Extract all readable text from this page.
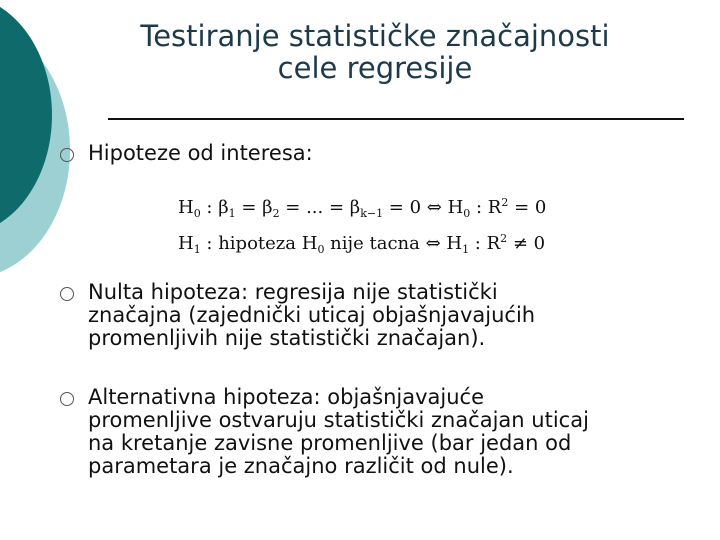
Testiranje statističke značajnosti
cele regresije
Hipoteze od interesa:
$H_0$ : $\beta_1 = \beta_2$ = ... = $\beta_{k-1} = 0$ ⇔ $H_0$ : $R^2 = 0$
$H_1$ : hipoteza $H_0$ nije tacna ⇔ $H_1$ : $R^2 \ne 0$
Nulta hipoteza: regresija nije statistički
značajna (zajednički uticaj objašnjavajućih
promenljivih nije statistički značajan).
Alternativna hipoteza: objašnjavajuće
promenljive ostvaruju statistički značajan uticaj
na kretanje zavisne promenljive (bar jedan od
parametara je značajno različit od nule).
